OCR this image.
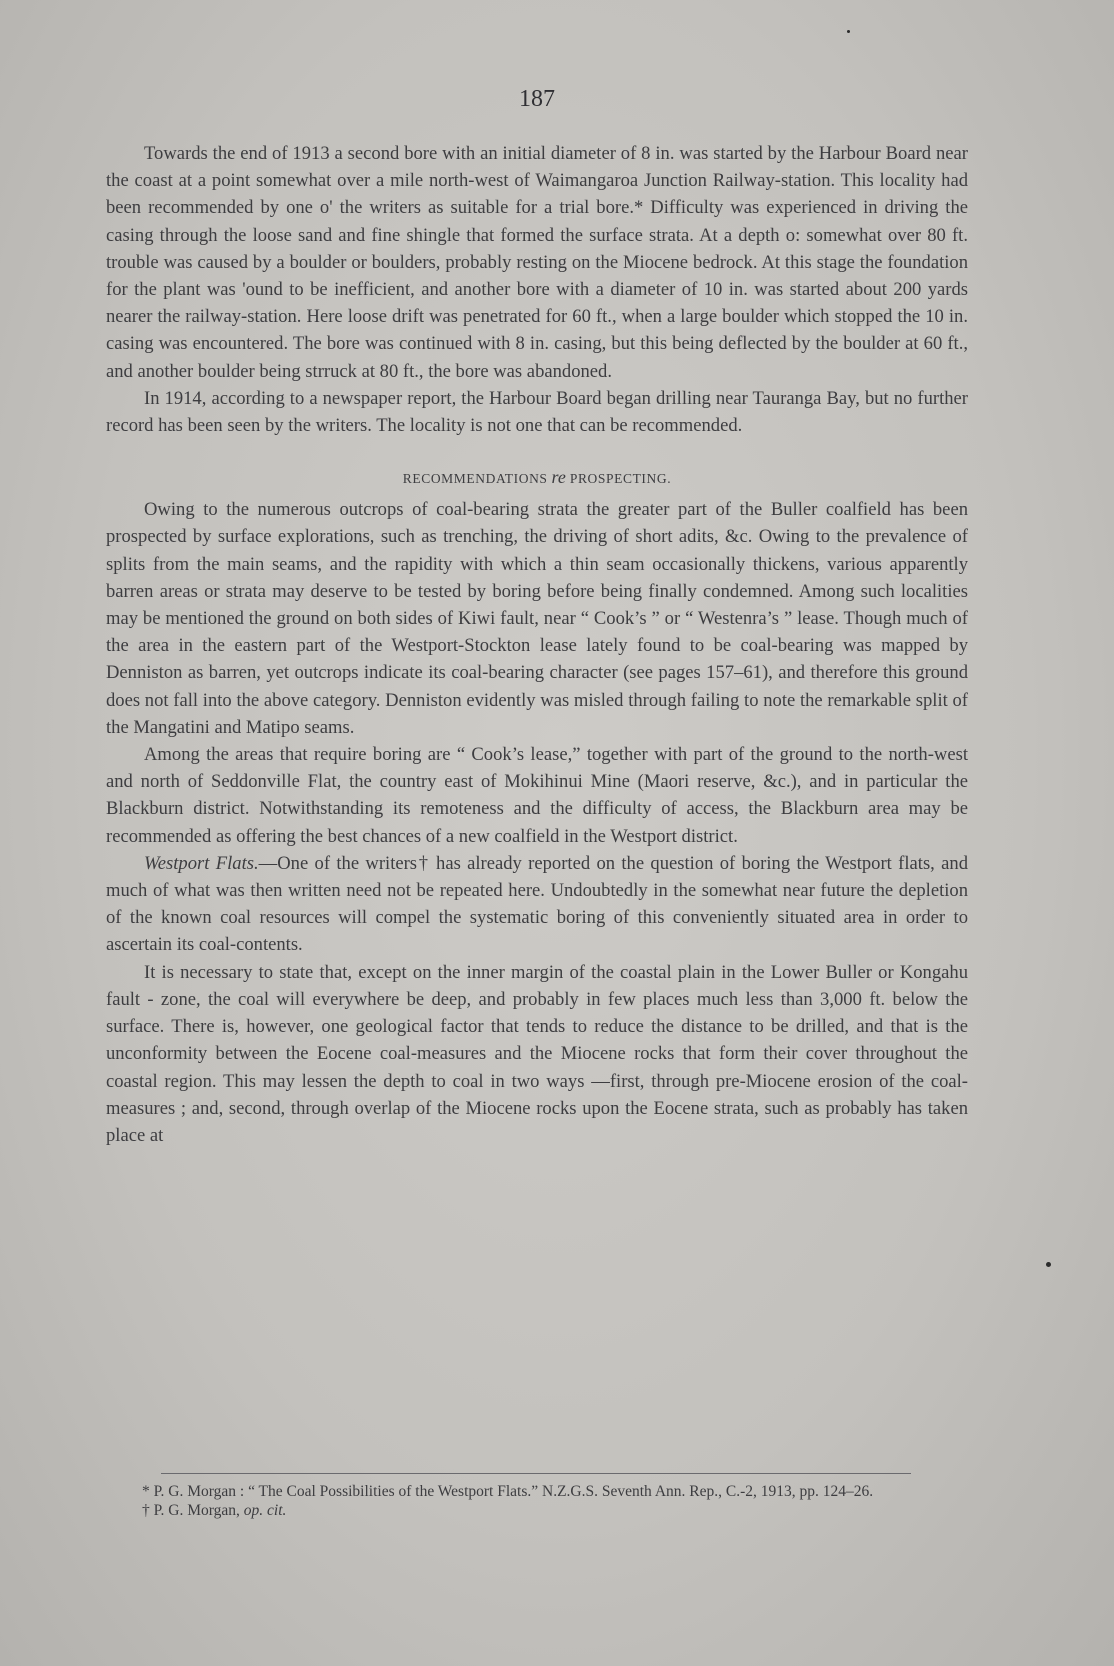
187

Towards the end of 1913 a second bore with an initial diameter of 8 in. was started by the Harbour Board near the coast at a point somewhat over a mile north-west of Waimangaroa Junction Railway-station. This locality had been recommended by one o' the writers as suitable for a trial bore.* Difficulty was experienced in driving the casing through the loose sand and fine shingle that formed the surface strata. At a depth o: somewhat over 80 ft. trouble was caused by a boulder or boulders, probably resting on the Miocene bedrock. At this stage the foundation for the plant was 'ound to be inefficient, and another bore with a diameter of 10 in. was started about 200 yards nearer the railway-station. Here loose drift was penetrated for 60 ft., when a large boulder which stopped the 10 in. casing was encountered. The bore was continued with 8 in. casing, but this being deflected by the boulder at 60 ft., and another boulder being strruck at 80 ft., the bore was abandoned.

In 1914, according to a newspaper report, the Harbour Board began drilling near Tauranga Bay, but no further record has been seen by the writers. The locality is not one that can be recommended.

RECOMMENDATIONS re PROSPECTING.

Owing to the numerous outcrops of coal-bearing strata the greater part of the Buller coalfield has been prospected by surface explorations, such as trenching, the driving of short adits, &c. Owing to the prevalence of splits from the main seams, and the rapidity with which a thin seam occasionally thickens, various apparently barren areas or strata may deserve to be tested by boring before being finally condemned. Among such localities may be mentioned the ground on both sides of Kiwi fault, near “ Cook’s ” or “ Westenra’s ” lease. Though much of the area in the eastern part of the Westport-Stockton lease lately found to be coal-bearing was mapped by Denniston as barren, yet outcrops indicate its coal-bearing character (see pages 157–61), and therefore this ground does not fall into the above category. Denniston evidently was misled through failing to note the remarkable split of the Mangatini and Matipo seams.

Among the areas that require boring are “ Cook’s lease,” together with part of the ground to the north-west and north of Seddonville Flat, the country east of Mokihinui Mine (Maori reserve, &c.), and in particular the Blackburn district. Notwithstanding its remoteness and the difficulty of access, the Blackburn area may be recommended as offering the best chances of a new coalfield in the Westport district.

Westport Flats.—One of the writers† has already reported on the question of boring the Westport flats, and much of what was then written need not be repeated here. Undoubtedly in the somewhat near future the depletion of the known coal resources will compel the systematic boring of this conveniently situated area in order to ascertain its coal-contents.

It is necessary to state that, except on the inner margin of the coastal plain in the Lower Buller or Kongahu fault - zone, the coal will everywhere be deep, and probably in few places much less than 3,000 ft. below the surface. There is, however, one geological factor that tends to reduce the distance to be drilled, and that is the unconformity between the Eocene coal-measures and the Miocene rocks that form their cover throughout the coastal region. This may lessen the depth to coal in two ways —first, through pre-Miocene erosion of the coal-measures ; and, second, through overlap of the Miocene rocks upon the Eocene strata, such as probably has taken place at

* P. G. Morgan : “ The Coal Possibilities of the Westport Flats.” N.Z.G.S. Seventh Ann. Rep., C.-2, 1913, pp. 124–26.

† P. G. Morgan, op. cit.
